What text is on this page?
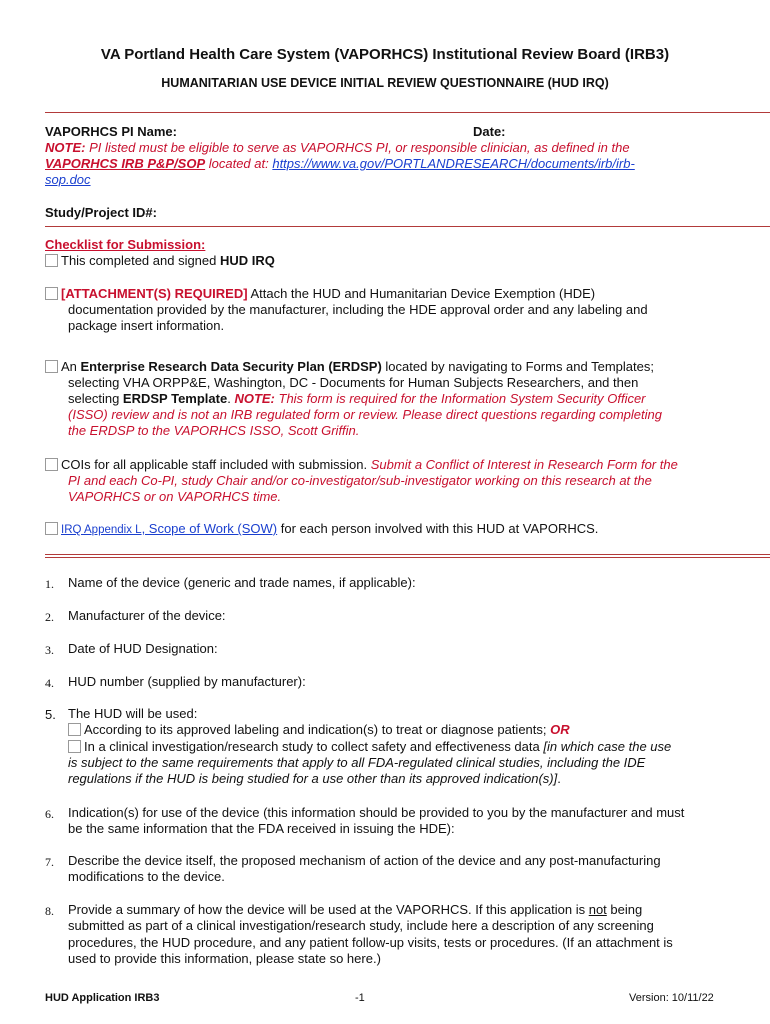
VA Portland Health Care System (VAPORHCS) Institutional Review Board (IRB3)
HUMANITARIAN USE DEVICE INITIAL REVIEW QUESTIONNAIRE (HUD IRQ)
VAPORHCS PI Name:	Date:
NOTE: PI listed must be eligible to serve as VAPORHCS PI, or responsible clinician, as defined in the
VAPORHCS IRB P&P/SOP located at: https://www.va.gov/PORTLANDRESEARCH/documents/irb/irb-
sop.doc
Study/Project ID#:
Checklist for Submission:
This completed and signed HUD IRQ
[ATTACHMENT(S) REQUIRED] Attach the HUD and Humanitarian Device Exemption (HDE)
documentation provided by the manufacturer, including the HDE approval order and any labeling and
package insert information.
An Enterprise Research Data Security Plan (ERDSP) located by navigating to Forms and Templates;
selecting VHA ORPP&E, Washington, DC - Documents for Human Subjects Researchers, and then
selecting ERDSP Template. NOTE: This form is required for the Information System Security Officer
(ISSO) review and is not an IRB regulated form or review. Please direct questions regarding completing
the ERDSP to the VAPORHCS ISSO, Scott Griffin.
COIs for all applicable staff included with submission. Submit a Conflict of Interest in Research Form for the
PI and each Co-PI, study Chair and/or co-investigator/sub-investigator working on this research at the
VAPORHCS or on VAPORHCS time.
IRQ Appendix L, Scope of Work (SOW) for each person involved with this HUD at VAPORHCS.
1. Name of the device (generic and trade names, if applicable):
2. Manufacturer of the device:
3. Date of HUD Designation:
4. HUD number (supplied by manufacturer):
5. The HUD will be used:
According to its approved labeling and indication(s) to treat or diagnose patients; OR
In a clinical investigation/research study to collect safety and effectiveness data [in which case the use
is subject to the same requirements that apply to all FDA-regulated clinical studies, including the IDE
regulations if the HUD is being studied for a use other than its approved indication(s)].
6. Indication(s) for use of the device (this information should be provided to you by the manufacturer and must
be the same information that the FDA received in issuing the HDE):
7. Describe the device itself, the proposed mechanism of action of the device and any post-manufacturing
modifications to the device.
8. Provide a summary of how the device will be used at the VAPORHCS. If this application is not being
submitted as part of a clinical investigation/research study, include here a description of any screening
procedures, the HUD procedure, and any patient follow-up visits, tests or procedures. (If an attachment is
used to provide this information, please state so here.)
HUD Application IRB3	-1	Version: 10/11/22
